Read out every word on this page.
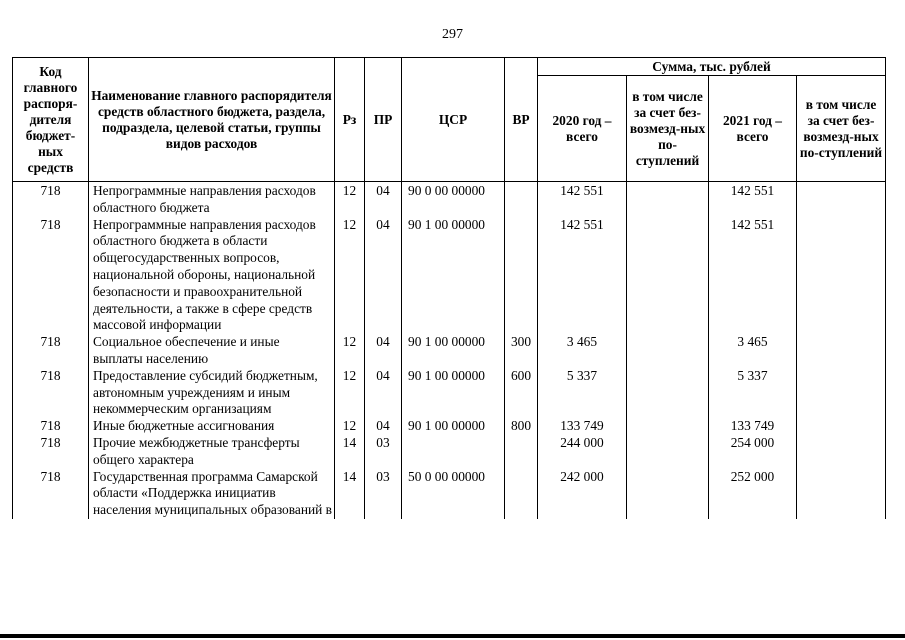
297
Код главного распоря-дителя бюджет-ных средств	Наименование главного распорядителя средств областного бюджета, раздела, подраздела, целевой статьи, группы видов расходов	Рз	ПР	ЦСР	ВР	Сумма, тыс. рублей			
						2020 год – всего	в том числе за счет без-возмезд-ных по-ступлений	2021 год – всего	в том числе за счет без-возмезд-ных по-ступлений
718	Непрограммные направления расходов областного бюджета	12	04	90 0 00 00000		142 551		142 551	
718	Непрограммные направления расходов областного бюджета в области общегосударственных вопросов, национальной обороны, национальной безопасности и правоохранительной деятельности, а также в сфере средств массовой информации	12	04	90 1 00 00000		142 551		142 551	
718	Социальное обеспечение и иные выплаты населению	12	04	90 1 00 00000	300	3 465		3 465	
718	Предоставление субсидий бюджетным, автономным учреждениям и иным некоммерческим организациям	12	04	90 1 00 00000	600	5 337		5 337	
718	Иные бюджетные ассигнования	12	04	90 1 00 00000	800	133 749		133 749	
718	Прочие межбюджетные трансферты общего характера	14	03			244 000		254 000	
718	Государственная программа Самарской области «Поддержка инициатив населения муниципальных образований в	14	03	50 0 00 00000		242 000		252 000	
